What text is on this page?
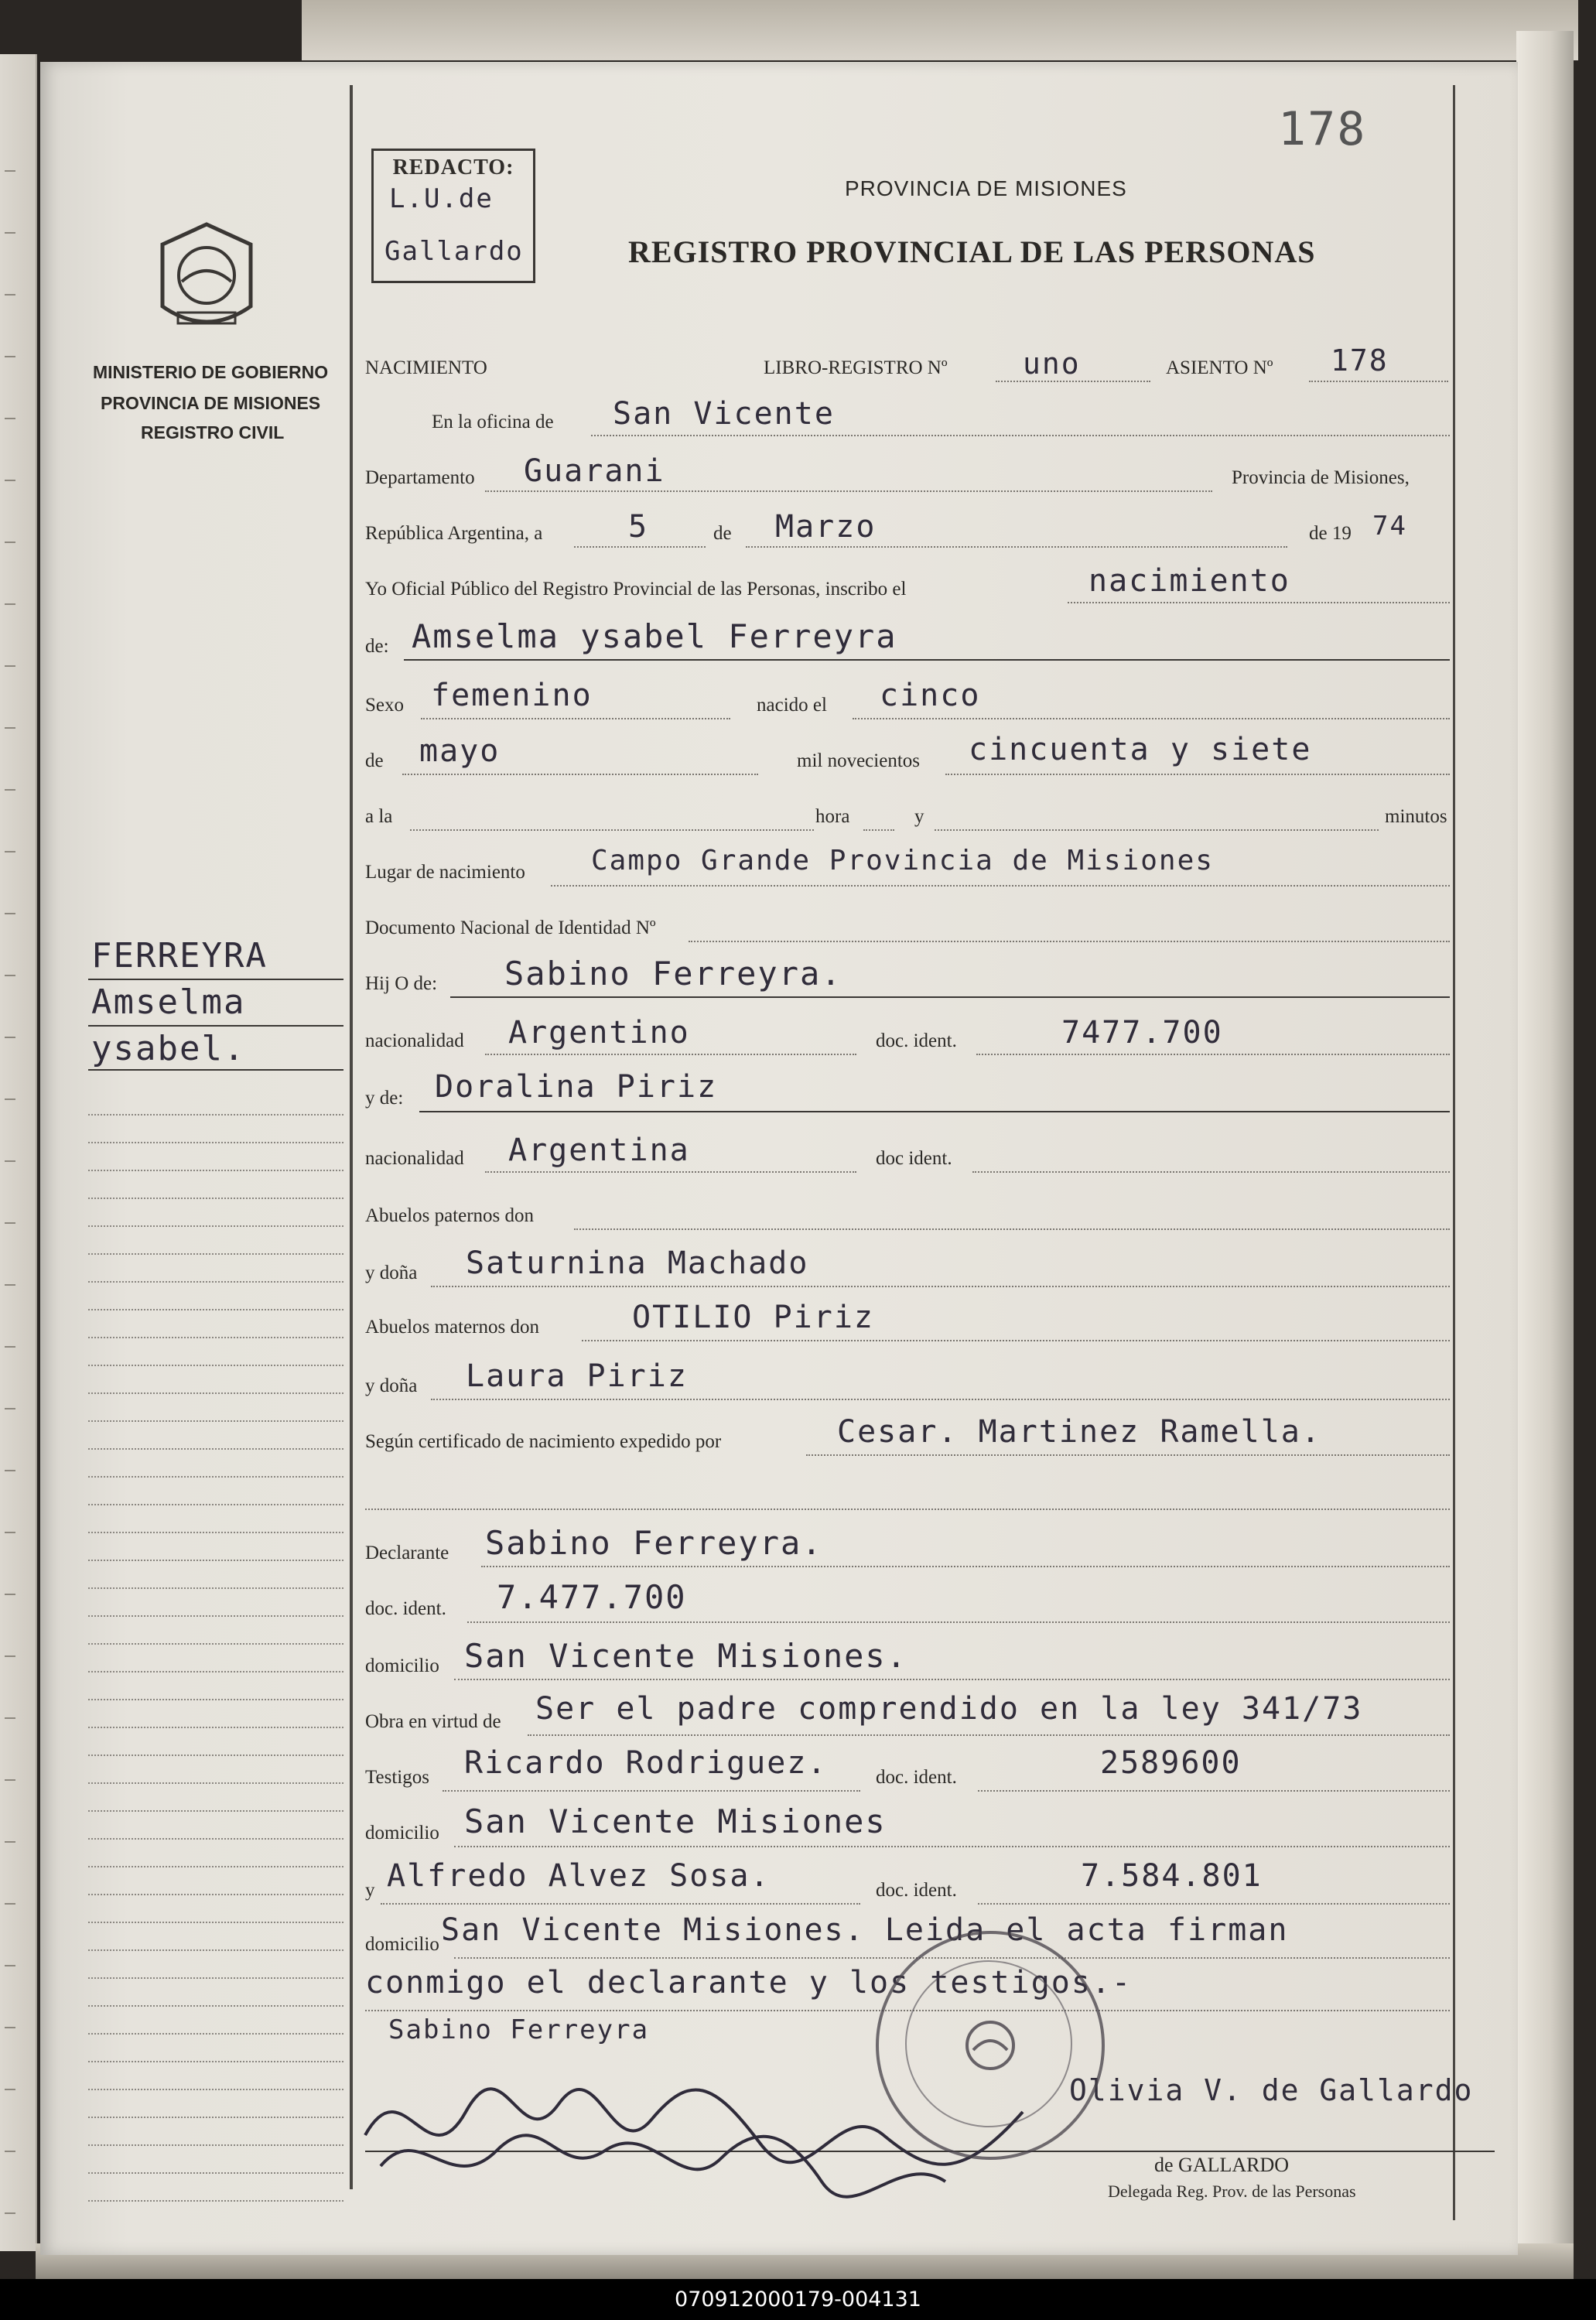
178
REDACTO:
L.U.de
Gallardo
PROVINCIA DE MISIONES
REGISTRO PROVINCIAL DE LAS PERSONAS
MINISTERIO DE GOBIERNO
PROVINCIA DE MISIONES
REGISTRO CIVIL
FERREYRA
Amselma
ysabel.
NACIMIENTO	LIBRO-REGISTRO Nº	uno	ASIENTO Nº 178
En la oficina de San Vicente
Departamento Guarani	Provincia de Misiones,
República Argentina, a	5	de Marzo	de 19 74
Yo Oficial Público del Registro Provincial de las Personas, inscribo el	nacimiento
de: Amselma ysabel Ferreyra
Sexo femenino	nacido el cinco
de mayo	mil novecientos cincuenta y siete
a la	hora	y	minutos
Lugar de nacimiento Campo Grande Provincia de Misiones
Documento Nacional de Identidad Nº
Hij O de: Sabino Ferreyra.
nacionalidad Argentino	doc. ident.	7477.700
y de: Doralina Piriz
nacionalidad Argentina	doc ident.
Abuelos paternos don
y doña Saturnina Machado
Abuelos maternos don	OTILIO Piriz
y doña Laura Piriz
Según certificado de nacimiento expedido por	Cesar. Martinez Ramella.
Declarante Sabino Ferreyra.
doc. ident. 7.477.700
domicilio San Vicente Misiones.
Obra en virtud de Ser el padre comprendido en la ley 341/73
Testigos Ricardo Rodriguez.	doc. ident.	2589600
domicilio San Vicente Misiones
y Alfredo Alvez Sosa.	doc. ident.	7.584.801
domicilio San Vicente Misiones. Leida el acta firman
conmigo el declarante y los testigos.-
Sabino Ferreyra
Olivia V. de Gallardo
de GALLARDO
Delegada Reg. Prov. de las Personas
070912000179-004131
